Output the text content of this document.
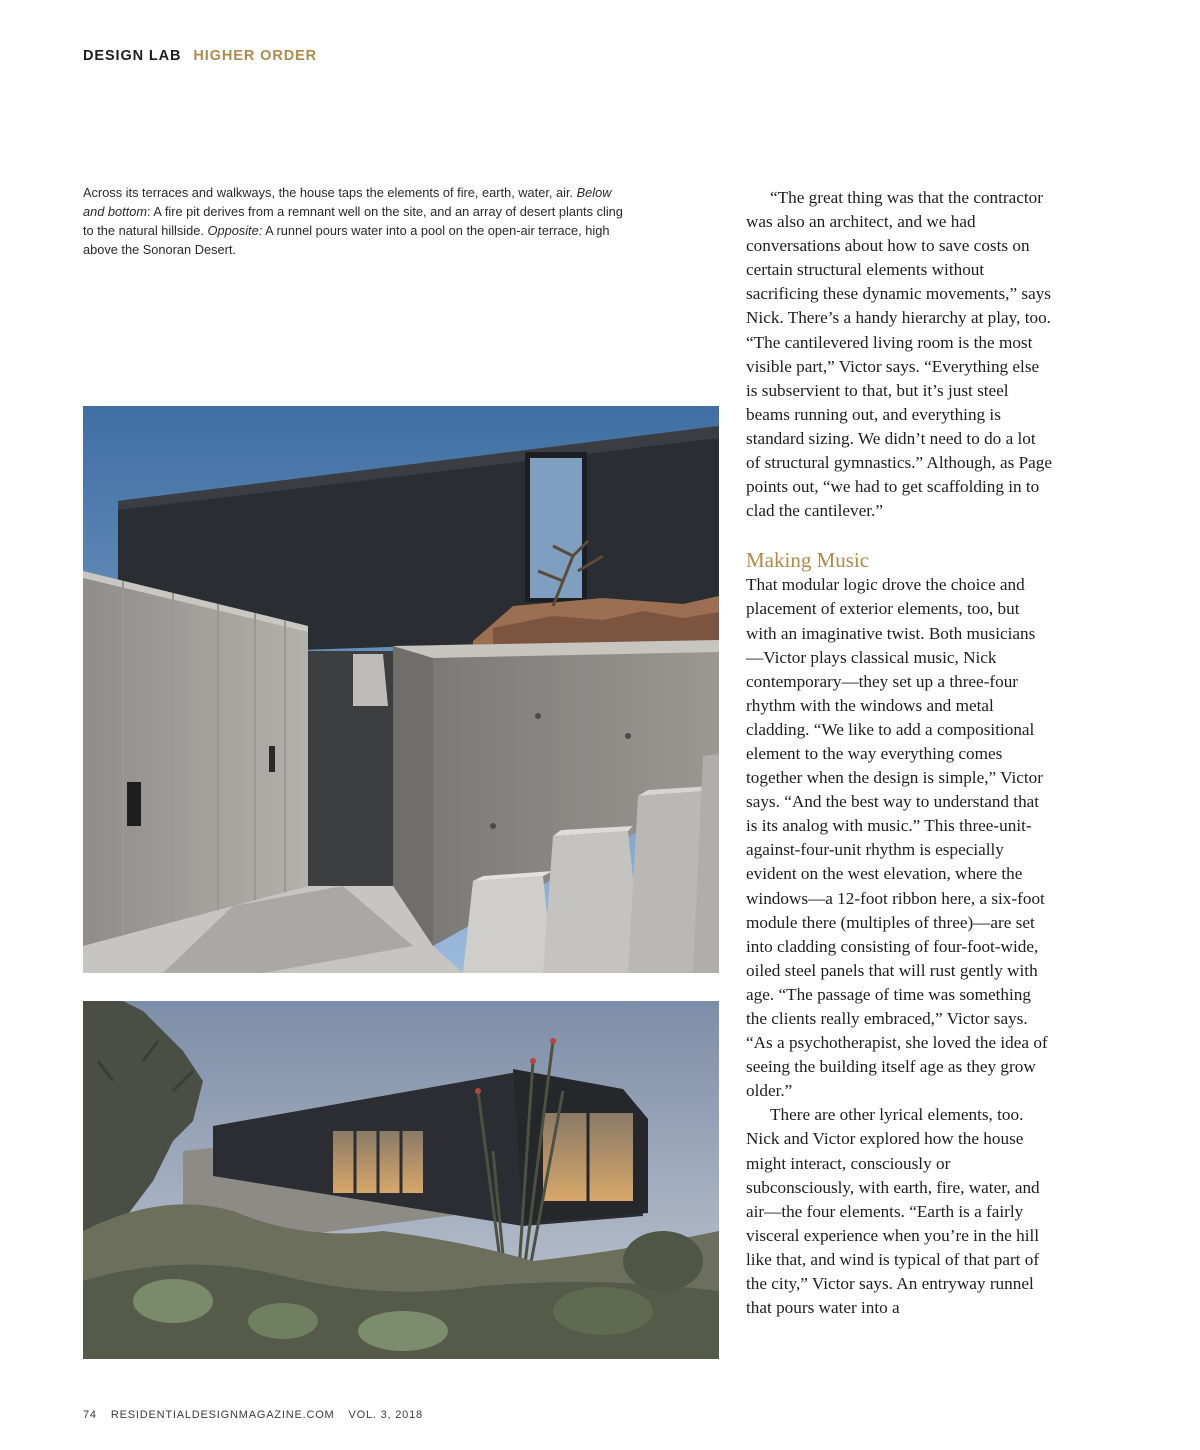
DESIGN LAB HIGHER ORDER
Across its terraces and walkways, the house taps the elements of fire, earth, water, air. Below and bottom: A fire pit derives from a remnant well on the site, and an array of desert plants cling to the natural hillside. Opposite: A runnel pours water into a pool on the open-air terrace, high above the Sonoran Desert.

“The great thing was that the contractor was also an architect, and we had conversations about how to save costs on certain structural elements without sacrificing these dynamic movements,” says Nick. There’s a handy hierarchy at play, too. “The cantilevered living room is the most visible part,” Victor says. “Everything else is subservient to that, but it’s just steel beams running out, and everything is standard sizing. We didn’t need to do a lot of structural gymnastics.” Although, as Page points out, “we had to get scaffolding in to clad the cantilever.”

Making Music

That modular logic drove the choice and placement of exterior elements, too, but with an imaginative twist. Both musicians—Victor plays classical music, Nick contemporary—they set up a three-four rhythm with the windows and metal cladding. “We like to add a compositional element to the way everything comes together when the design is simple,” Victor says. “And the best way to understand that is its analog with music.” This three-unit-against-four-unit rhythm is especially evident on the west elevation, where the windows—a 12-foot ribbon here, a six-foot module there (multiples of three)—are set into cladding consisting of four-foot-wide, oiled steel panels that will rust gently with age. “The passage of time was something the clients really embraced,” Victor says. “As a psychotherapist, she loved the idea of seeing the building itself age as they grow older.”

There are other lyrical elements, too. Nick and Victor explored how the house might interact, consciously or subconsciously, with earth, fire, water, and air—the four elements. “Earth is a fairly visceral experience when you’re in the hill like that, and wind is typical of that part of the city,” Victor says. An entryway runnel that pours water into a

74 RESIDENTIALDESIGNMAGAZINE.COM VOL. 3, 2018
